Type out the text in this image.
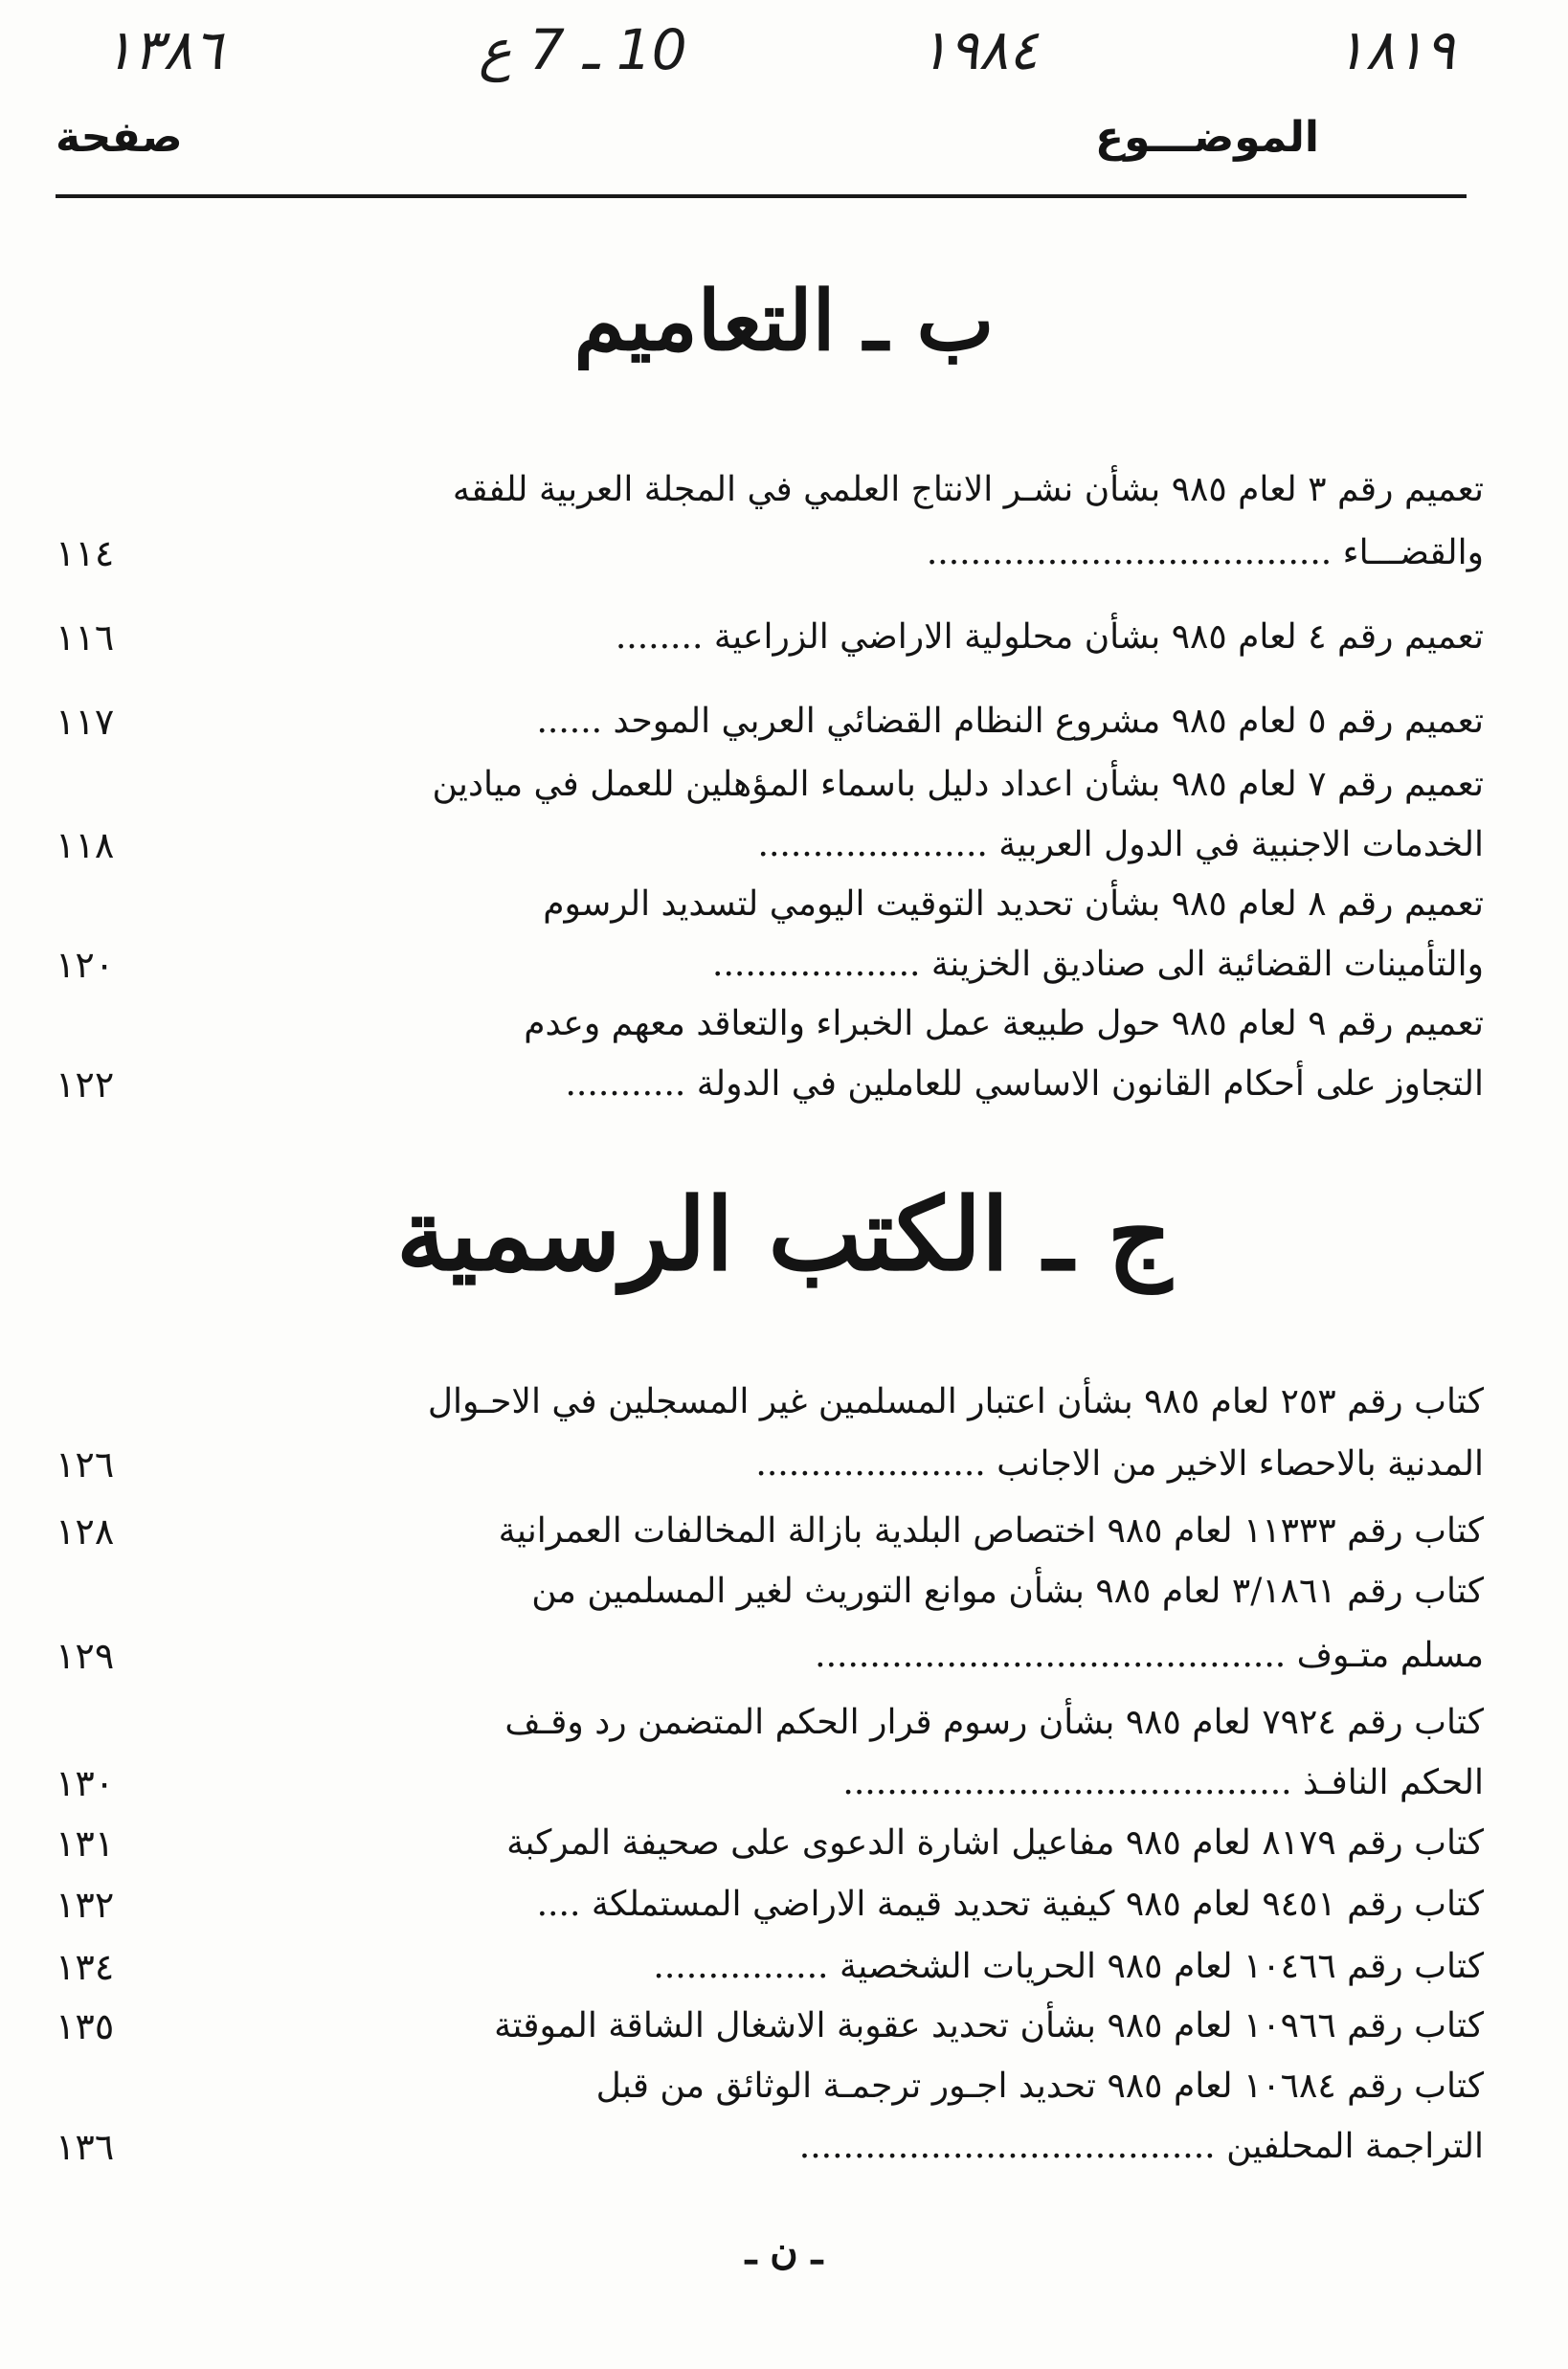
١٨١٩
١٩٨٤
10 ـ 7 ع
١٣٨٦
الموضـــوع
صفحة
ب ـ التعاميم
ج ـ الكتب الرسمية
تعميم رقم ٣ لعام ٩٨٥ بشأن نشـر الانتاج العلمي في المجلة العربية للفقه
والقضـــاء .....................................
١١٤
تعميم رقم ٤ لعام ٩٨٥ بشأن محلولية الاراضي الزراعية ........
١١٦
تعميم رقم ٥ لعام ٩٨٥ مشروع النظام القضائي العربي الموحد ......
١١٧
تعميم رقم ٧ لعام ٩٨٥ بشأن اعداد دليل باسماء المؤهلين للعمل في ميادين
الخدمات الاجنبية في الدول العربية .....................
١١٨
تعميم رقم ٨ لعام ٩٨٥ بشأن تحديد التوقيت اليومي لتسديد الرسوم
والتأمينات القضائية الى صناديق الخزينة ...................
١٢٠
تعميم رقم ٩ لعام ٩٨٥ حول طبيعة عمل الخبراء والتعاقد معهم وعدم
التجاوز على أحكام القانون الاساسي للعاملين في الدولة ...........
١٢٢
كتاب رقم ٢٥٣ لعام ٩٨٥ بشأن اعتبار المسلمين غير المسجلين في الاحـوال
المدنية بالاحصاء الاخير من الاجانب .....................
١٢٦
كتاب رقم ١١٣٣٣ لعام ٩٨٥ اختصاص البلدية بازالة المخالفات العمرانية
١٢٨
كتاب رقم ٣/١٨٦١ لعام ٩٨٥ بشأن موانع التوريث لغير المسلمين من
مسلم متـوف ...........................................
١٢٩
كتاب رقم ٧٩٢٤ لعام ٩٨٥ بشأن رسوم قرار الحكم المتضمن رد وقـف
الحكم النافـذ .........................................
١٣٠
كتاب رقم ٨١٧٩ لعام ٩٨٥ مفاعيل اشارة الدعوى على صحيفة المركبة
١٣١
كتاب رقم ٩٤٥١ لعام ٩٨٥ كيفية تحديد قيمة الاراضي المستملكة ....
١٣٢
كتاب رقم ١٠٤٦٦ لعام ٩٨٥ الحريات الشخصية ................
١٣٤
كتاب رقم ١٠٩٦٦ لعام ٩٨٥ بشأن تحديد عقوبة الاشغال الشاقة الموقتة
١٣٥
كتاب رقم ١٠٦٨٤ لعام ٩٨٥ تحديد اجـور ترجمـة الوثائق من قبل
التراجمة المحلفين ......................................
١٣٦
ـ ن ـ
